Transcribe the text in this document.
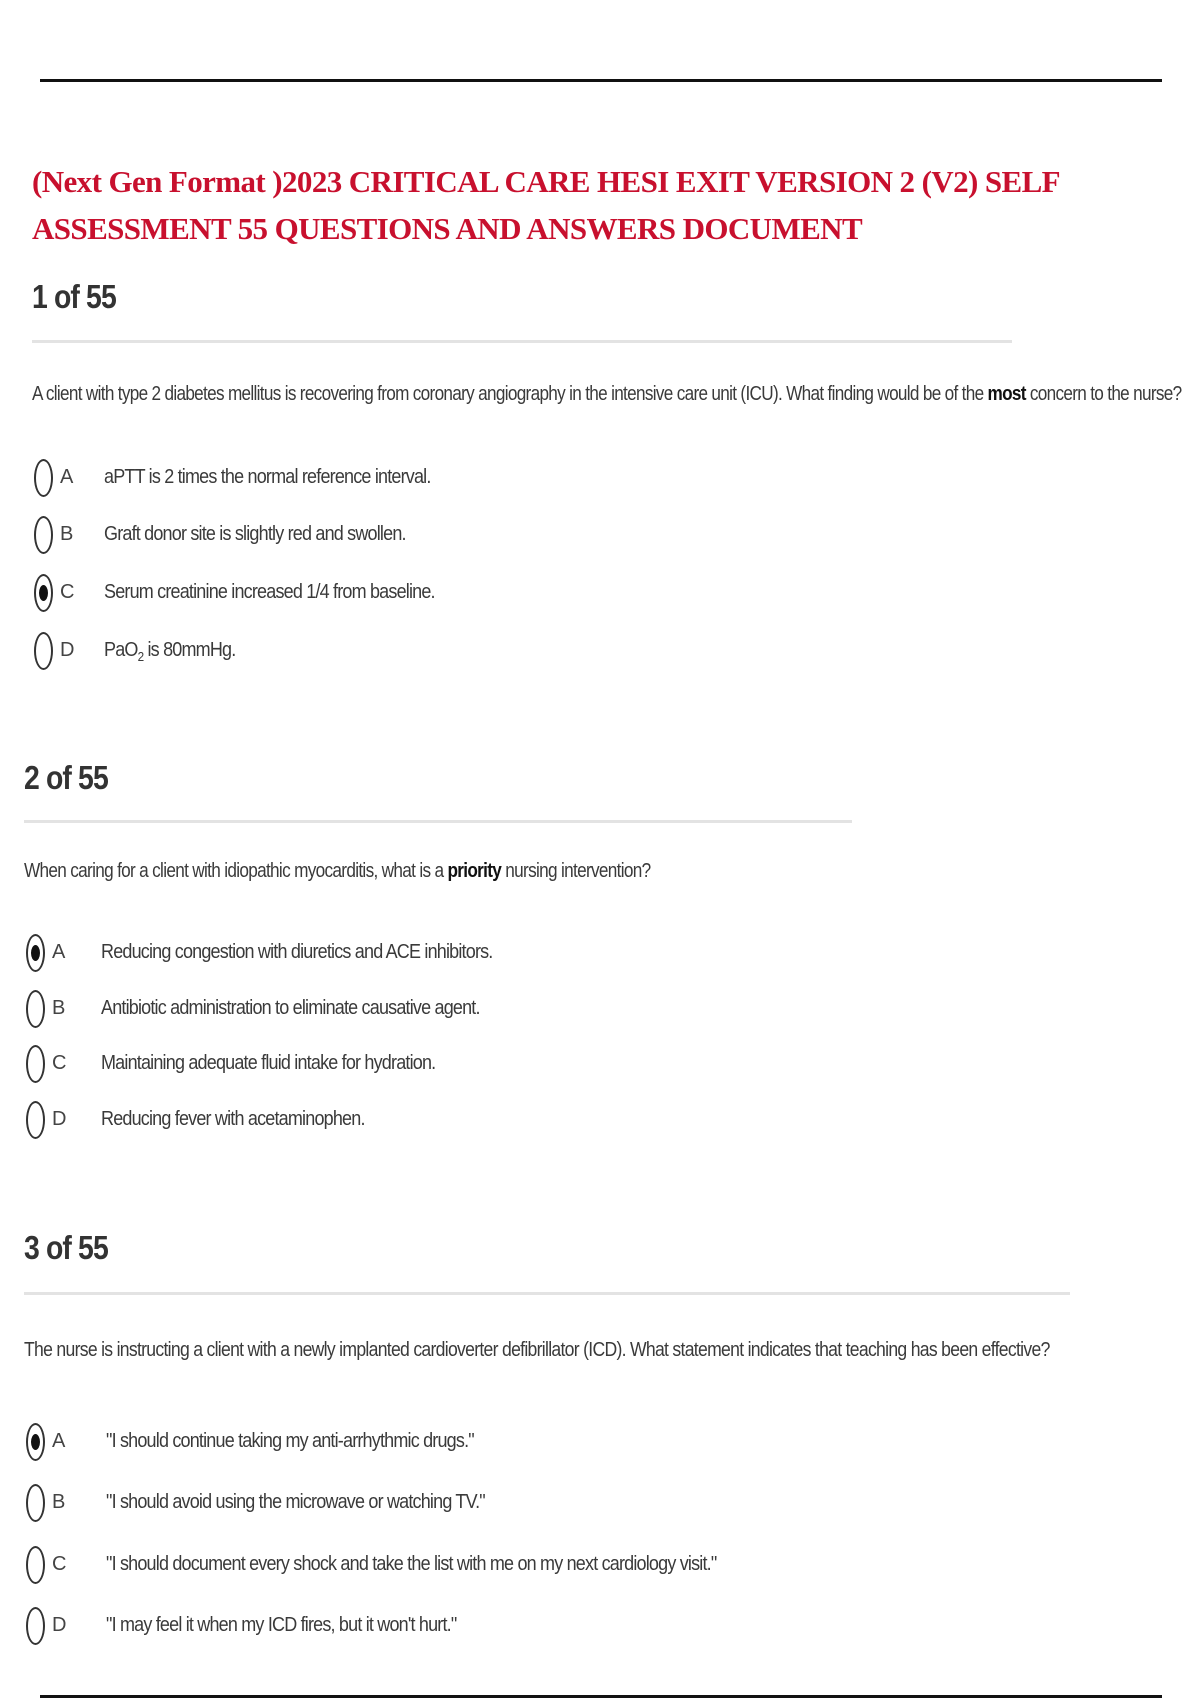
(Next Gen Format )2023 CRITICAL CARE HESI EXIT VERSION 2 (V2) SELF ASSESSMENT 55 QUESTIONS AND ANSWERS DOCUMENT
1 of 55

A client with type 2 diabetes mellitus is recovering from coronary angiography in the intensive care unit (ICU). What finding would be of the most concern to the nurse?

A aPTT is 2 times the normal reference interval.
B Graft donor site is slightly red and swollen.
C Serum creatinine increased 1/4 from baseline.
D PaO$_2$ is 80mmHg.
2 of 55

When caring for a client with idiopathic myocarditis, what is a priority nursing intervention?

A Reducing congestion with diuretics and ACE inhibitors.
B Antibiotic administration to eliminate causative agent.
C Maintaining adequate fluid intake for hydration.
D Reducing fever with acetaminophen.
3 of 55

The nurse is instructing a client with a newly implanted cardioverter defibrillator (ICD). What statement indicates that teaching has been effective?

A "I should continue taking my anti-arrhythmic drugs."
B "I should avoid using the microwave or watching TV."
C "I should document every shock and take the list with me on my next cardiology visit."
D "I may feel it when my ICD fires, but it won't hurt."
